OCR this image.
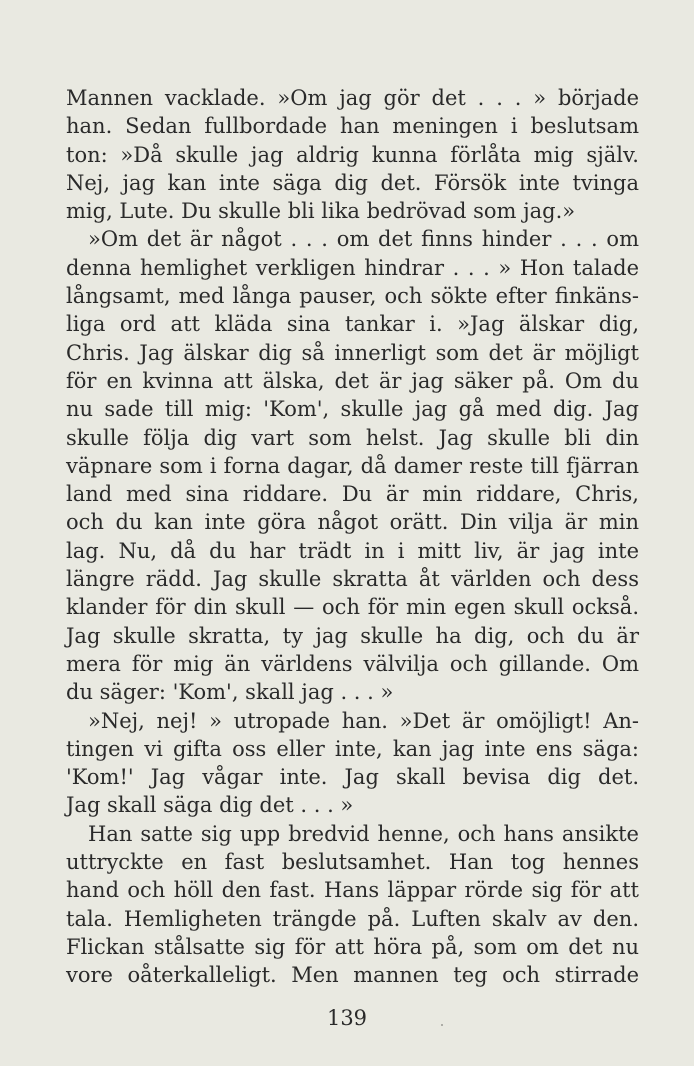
Mannen vacklade. »Om jag gör det . . . » började
han. Sedan fullbordade han meningen i beslutsam
ton: »Då skulle jag aldrig kunna förlåta mig själv.
Nej, jag kan inte säga dig det. Försök inte tvinga
mig, Lute. Du skulle bli lika bedrövad som jag.»
»Om det är något . . . om det finns hinder . . . om
denna hemlighet verkligen hindrar . . . » Hon talade
långsamt, med långa pauser, och sökte efter finkäns-
liga ord att kläda sina tankar i. »Jag älskar dig,
Chris. Jag älskar dig så innerligt som det är möjligt
för en kvinna att älska, det är jag säker på. Om du
nu sade till mig: 'Kom', skulle jag gå med dig. Jag
skulle följa dig vart som helst. Jag skulle bli din
väpnare som i forna dagar, då damer reste till fjärran
land med sina riddare. Du är min riddare, Chris,
och du kan inte göra något orätt. Din vilja är min
lag. Nu, då du har trädt in i mitt liv, är jag inte
längre rädd. Jag skulle skratta åt världen och dess
klander för din skull — och för min egen skull också.
Jag skulle skratta, ty jag skulle ha dig, och du är
mera för mig än världens välvilja och gillande. Om
du säger: 'Kom', skall jag . . . »
»Nej, nej! » utropade han. »Det är omöjligt! An-
tingen vi gifta oss eller inte, kan jag inte ens säga:
'Kom!' Jag vågar inte. Jag skall bevisa dig det.
Jag skall säga dig det . . . »
Han satte sig upp bredvid henne, och hans ansikte
uttryckte en fast beslutsamhet. Han tog hennes
hand och höll den fast. Hans läppar rörde sig för att
tala. Hemligheten trängde på. Luften skalv av den.
Flickan stålsatte sig för att höra på, som om det nu
vore oåterkalleligt. Men mannen teg och stirrade
139
